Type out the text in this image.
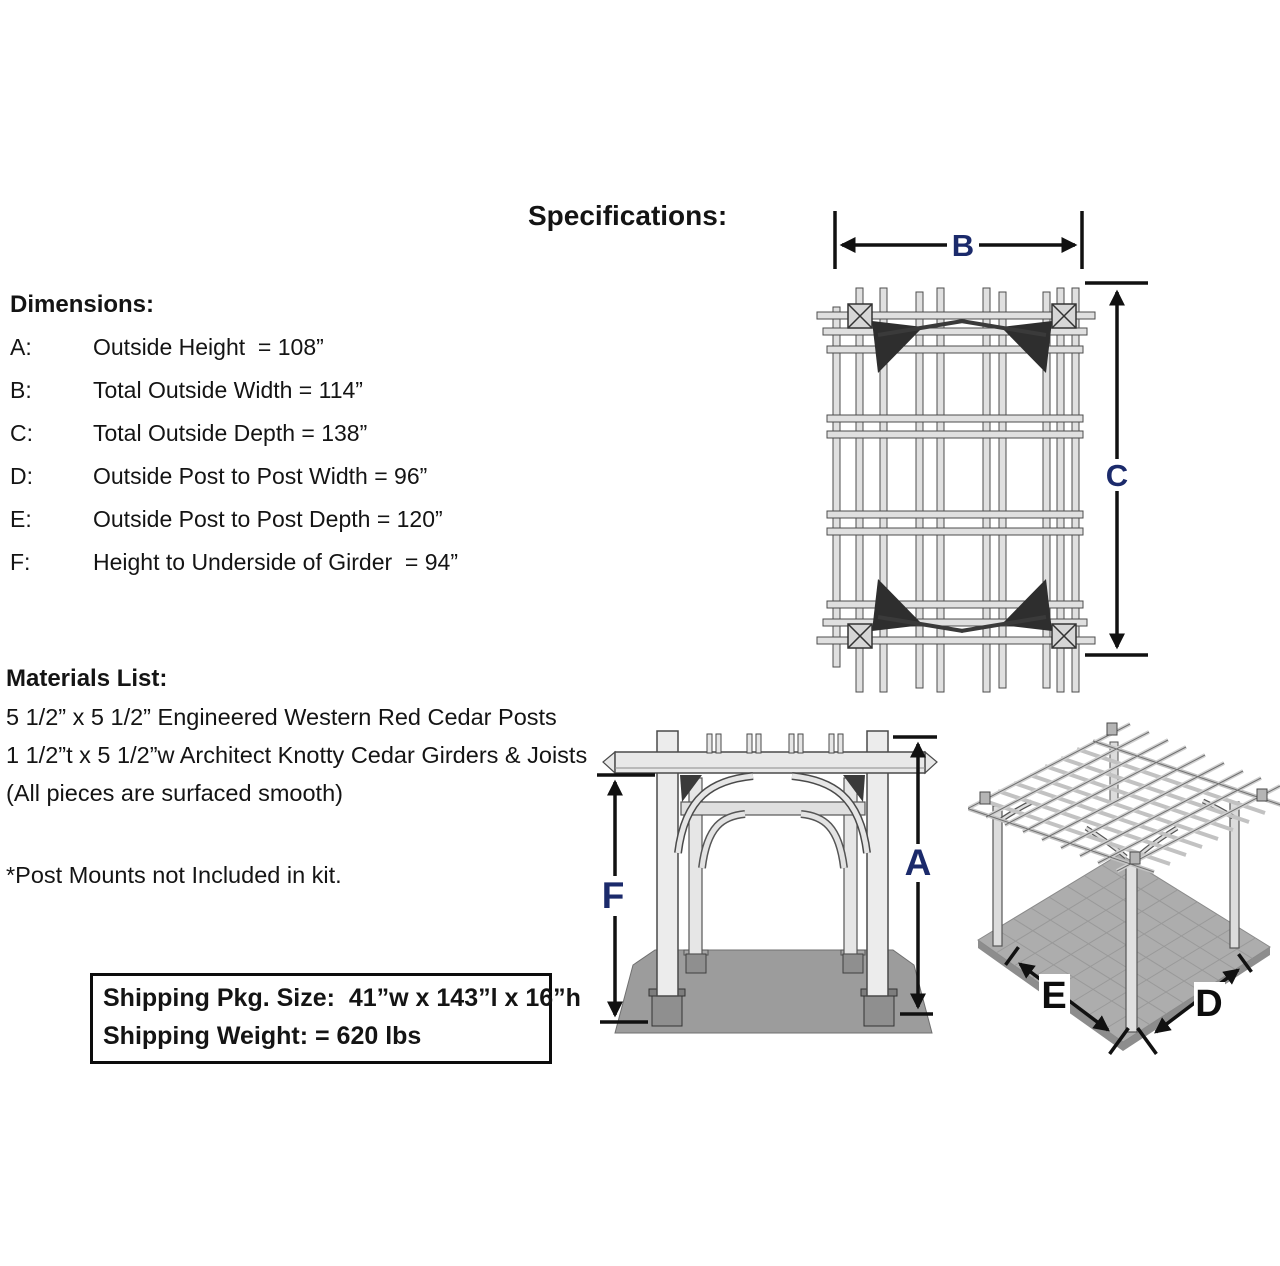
Specifications:
Dimensions:
A:	Outside Height  = 108”
B:	Total Outside Width = 114”
C:	Total Outside Depth = 138”
D:	Outside Post to Post Width = 96”
E:	Outside Post to Post Depth = 120”
F:	Height to Underside of Girder  = 94”
Materials List:
5 1/2” x 5 1/2” Engineered Western Red Cedar Posts
1 1/2”t x 5 1/2”w Architect Knotty Cedar Girders & Joists
(All pieces are surfaced smooth)
*Post Mounts not Included in kit.
Shipping Pkg. Size:  41”w x 143”l x 16”h
Shipping Weight: = 620 lbs
B
C
F
A
E	D
